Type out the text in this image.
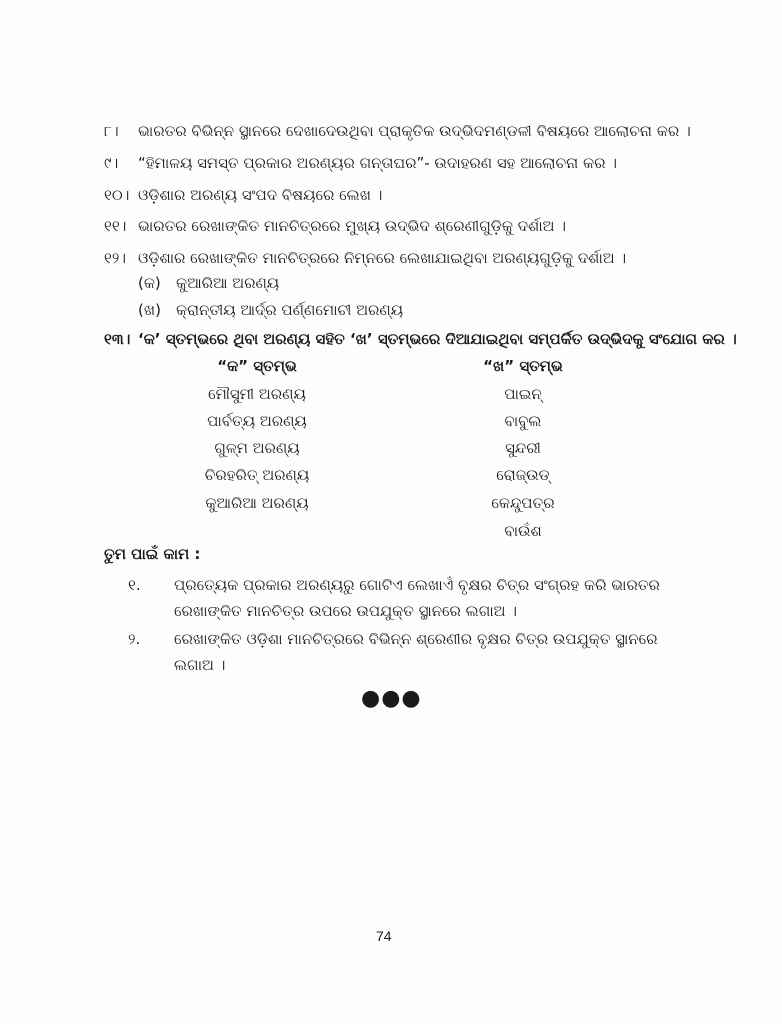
୮। ଭାରତର ବିଭିନ୍ନ ସ୍ଥାନରେ ଦେଖାଦେଉଥିବା ପ୍ରାକୃତିକ ଉଦ୍ଭିଦମଣ୍ଡଳୀ ବିଷୟରେ ଆଲୋଚନା କର ।
୯। “ହିମାଳୟ ସମସ୍ତ ପ୍ରକାର ଅରଣ୍ୟର ଗନ୍ତାଘର”- ଉଦାହରଣ ସହ ଆଲୋଚନା କର ।
୧୦। ଓଡ଼ିଶାର ଅରଣ୍ୟ ସଂପଦ ବିଷୟରେ ଲେଖ ।
୧୧। ଭାରତର ରେଖାଙ୍କିତ ମାନଚିତ୍ରରେ ମୁଖ୍ୟ ଉଦ୍ଭିଦ ଶ୍ରେଣୀଗୁଡ଼ିକୁ ଦର୍ଶାଅ ।
୧୨। ଓଡ଼ିଶାର ରେଖାଙ୍କିତ ମାନଚିତ୍ରରେ ନିମ୍ନରେ ଲେଖାଯାଇଥିବା ଅରଣ୍ୟଗୁଡ଼ିକୁ ଦର୍ଶାଅ ।
(କ) କୁଆରିଆ ଅରଣ୍ୟ
(ଖ) କ୍ରାନ୍ତୀୟ ଆର୍ଦ୍ର ପର୍ଣ୍ଣମୋଚୀ ଅରଣ୍ୟ
୧୩। ‘କ’ ସ୍ତମ୍ଭରେ ଥିବା ଅରଣ୍ୟ ସହିତ ‘ଖ’ ସ୍ତମ୍ଭରେ ଦିଆଯାଇଥିବା ସମ୍ପର୍କିତ ଉଦ୍ଭିଦକୁ ସଂଯୋଗ କର ।
“କ” ସ୍ତମ୍ଭ	“ଖ” ସ୍ତମ୍ଭ
ମୌସୁମୀ ଅରଣ୍ୟ
ପାର୍ବତ୍ୟ ଅରଣ୍ୟ
ଗୁଳ୍ମ ଅରଣ୍ୟ
ଚିରହରିତ୍ ଅରଣ୍ୟ
କୁଆରିଆ ଅରଣ୍ୟ
ପାଇନ୍
ବାବୁଲ
ସୁନ୍ଦରୀ
ରୋଜ୍‌ଉଡ୍
କେନ୍ଦୁପତ୍ର
ବାଉଁଶ
ତୁମ ପାଇଁ କାମ :
୧. ପ୍ରତ୍ୟେକ ପ୍ରକାର ଅରଣ୍ୟରୁ ଗୋଟିଏ ଲେଖାଏଁ ବୃକ୍ଷର ଚିତ୍ର ସଂଗ୍ରହ କରି ଭାରତର ରେଖାଙ୍କିତ ମାନଚିତ୍ର ଉପରେ ଉପଯୁକ୍ତ ସ୍ଥାନରେ ଲଗାଅ ।
୨. ରେଖାଙ୍କିତ ଓଡ଼ିଶା ମାନଚିତ୍ରରେ ବିଭିନ୍ନ ଶ୍ରେଣୀର ବୃକ୍ଷର ଚିତ୍ର ଉପଯୁକ୍ତ ସ୍ଥାନରେ ଲଗାଅ ।
●●●
74
